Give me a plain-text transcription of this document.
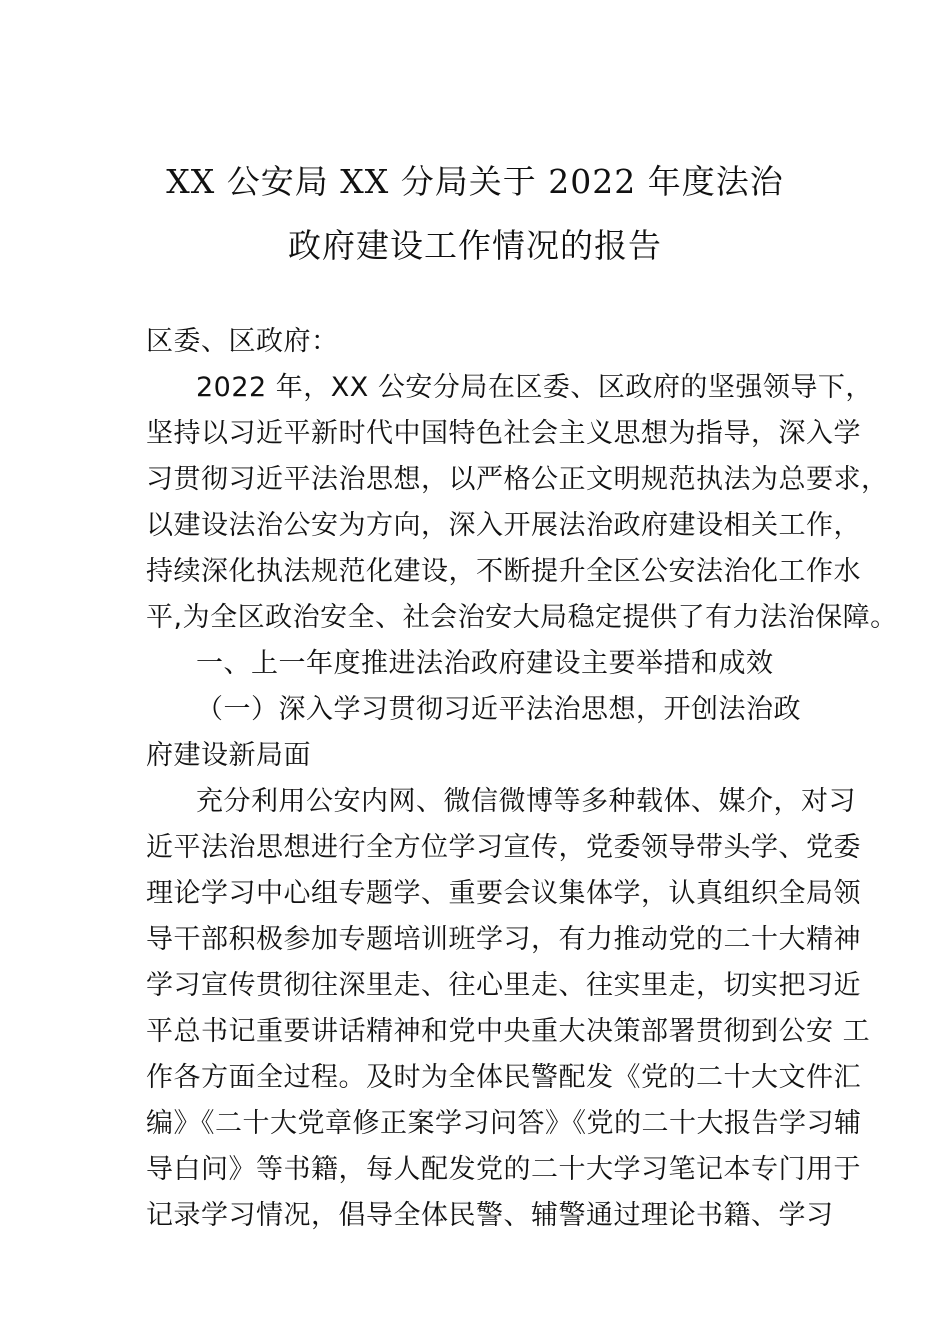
XX 公安局 XX 分局关于 2022 年度法治
政府建设工作情况的报告
区委、区政府：
2022 年，XX 公安分局在区委、区政府的坚强领导下，
坚持以习近平新时代中国特色社会主义思想为指导，深入学
习贯彻习近平法治思想，以严格公正文明规范执法为总要求，
以建设法治公安为方向，深入开展法治政府建设相关工作，
持续深化执法规范化建设，不断提升全区公安法治化工作水
平,为全区政治安全、社会治安大局稳定提供了有力法治保障。
一、上一年度推进法治政府建设主要举措和成效
（一）深入学习贯彻习近平法治思想，开创法治政
府建设新局面
充分利用公安内网、微信微博等多种载体、媒介，对习
近平法治思想进行全方位学习宣传，党委领导带头学、党委
理论学习中心组专题学、重要会议集体学，认真组织全局领
导干部积极参加专题培训班学习，有力推动党的二十大精神
学习宣传贯彻往深里走、往心里走、往实里走，切实把习近
平总书记重要讲话精神和党中央重大决策部署贯彻到公安 工
作各方面全过程。及时为全体民警配发《党的二十大文件汇
编》《二十大党章修正案学习问答》《党的二十大报告学习辅
导白问》等书籍，每人配发党的二十大学习笔记本专门用于
记录学习情况，倡导全体民警、辅警通过理论书籍、学习
